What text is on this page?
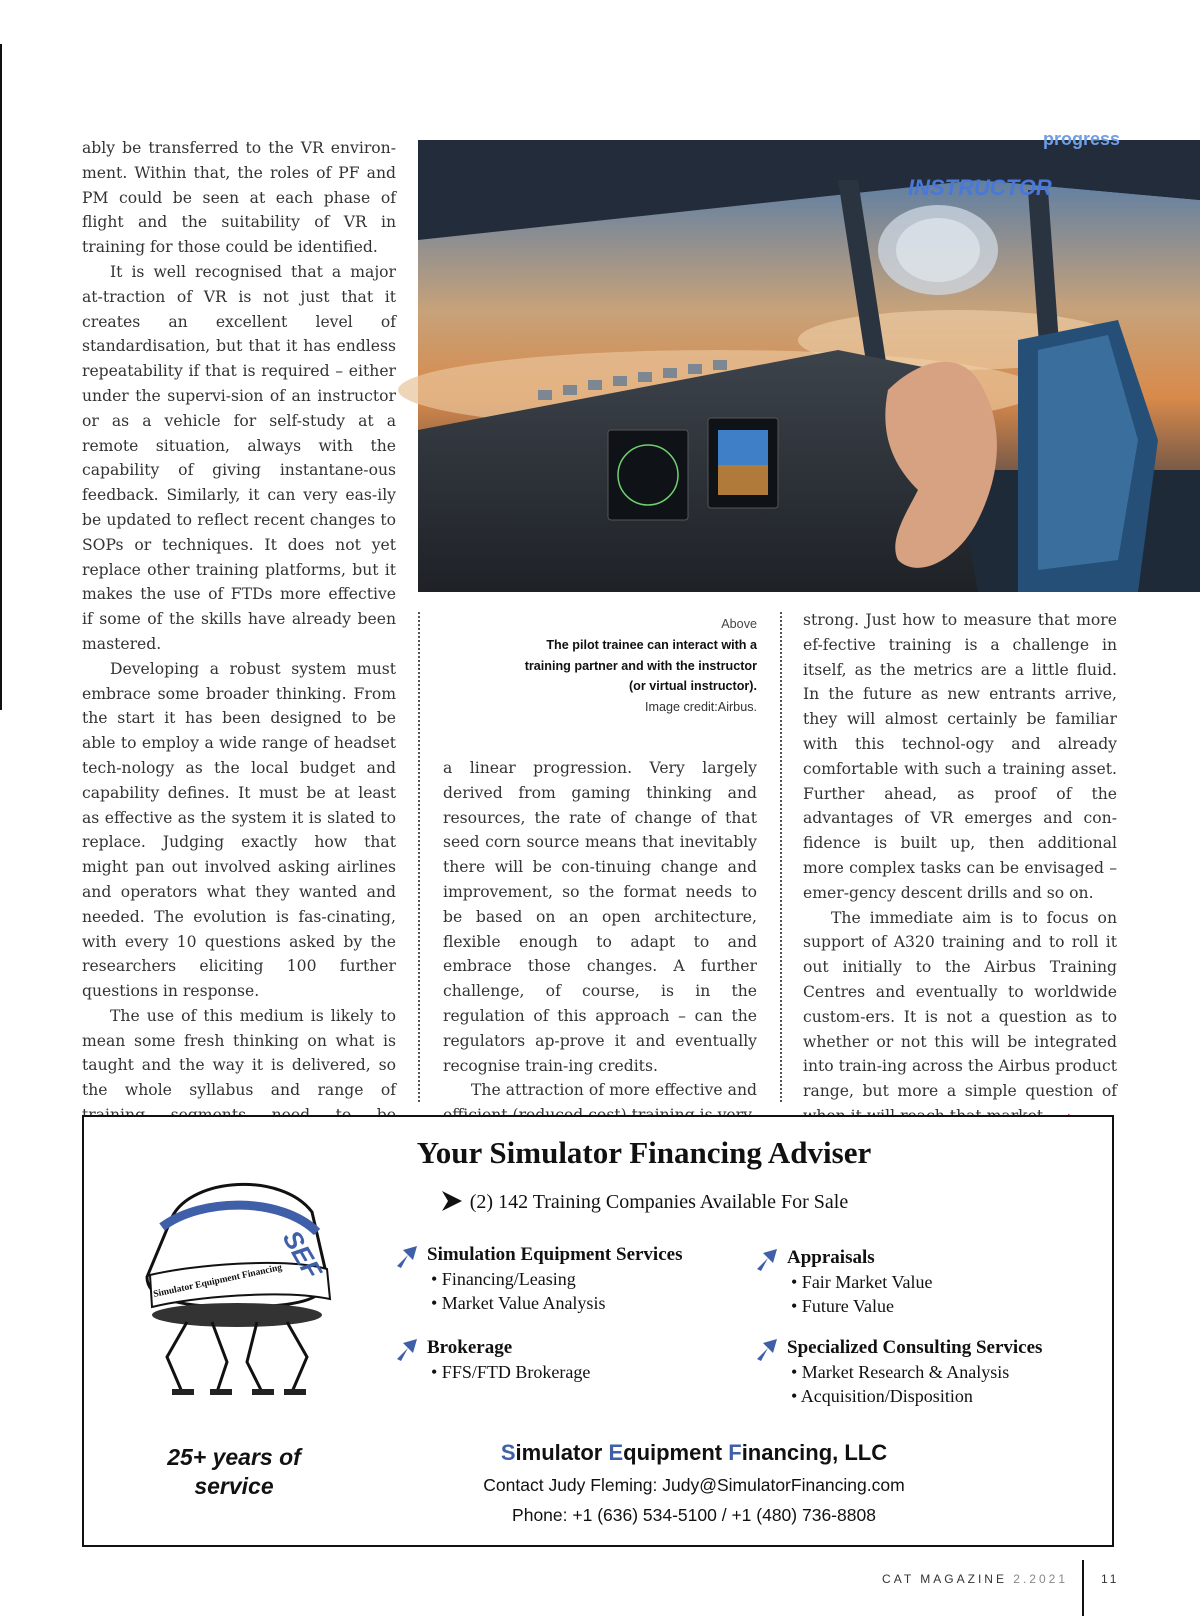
ably be transferred to the VR environ-ment. Within that, the roles of PF and PM could be seen at each phase of flight and the suitability of VR in training for those could be identified.

It is well recognised that a major at-traction of VR is not just that it creates an excellent level of standardisation, but that it has endless repeatability if that is required – either under the supervi-sion of an instructor or as a vehicle for self-study at a remote situation, always with the capability of giving instantane-ous feedback. Similarly, it can very eas-ily be updated to reflect recent changes to SOPs or techniques. It does not yet replace other training platforms, but it makes the use of FTDs more effective if some of the skills have already been mastered.

Developing a robust system must embrace some broader thinking. From the start it has been designed to be able to employ a wide range of headset tech-nology as the local budget and capability defines. It must be at least as effective as the system it is slated to replace. Judging exactly how that might pan out involved asking airlines and operators what they wanted and needed. The evolution is fas-cinating, with every 10 questions asked by the researchers eliciting 100 further questions in response.

The use of this medium is likely to mean some fresh thinking on what is taught and the way it is delivered, so the whole syllabus and range of

INSTRUCTOR
progress
Above
The pilot trainee can interact with a
training partner and with the instructor
(or virtual instructor).
Image credit:Airbus.

a linear progression. Very largely derived from gaming thinking and resources, the rate of change of that seed corn source means that inevitably there will be con-tinuing change and improvement, so the format needs to be based on an open architecture, flexible enough to adapt to and embrace those changes. A further challenge, of course, is in the regulation of this approach – can the regulators ap-prove it and eventually recognise train-ing credits.

The attraction of more effective and

strong. Just how to measure that more ef-fective training is a challenge in itself, as the metrics are a little fluid. In the future as new entrants arrive, they will almost certainly be familiar with this technol-ogy and already comfortable with such a training asset. Further ahead, as proof of the advantages of VR emerges and con-fidence is built up, then additional more complex tasks can be envisaged – emer-gency descent drills and so on.

The immediate aim is to focus on support of A320 training and to roll it out initially to the Airbus Training Centres and eventually to worldwide custom-ers. It is not a question as to whether or not this will be integrated into train-ing across the Airbus product range, but more a simple question of

SEF
Simulator Equipment Financing
25+ years of service
Your Simulator Financing Adviser
(2) 142 Training Companies Available For Sale
Simulation Equipment Services
• Financing/Leasing
• Market Value Analysis
Appraisals
• Fair Market Value
• Future Value
Brokerage
• FFS/FTD Brokerage
Specialized Consulting Services
• Market Research & Analysis
• Acquisition/Disposition
Simulator Equipment Financing, LLC
Contact Judy Fleming: Judy@SimulatorFinancing.com
Phone: +1 (636) 534-5100 / +1 (480) 736-8808
CAT MAGAZINE 2.2021	11
